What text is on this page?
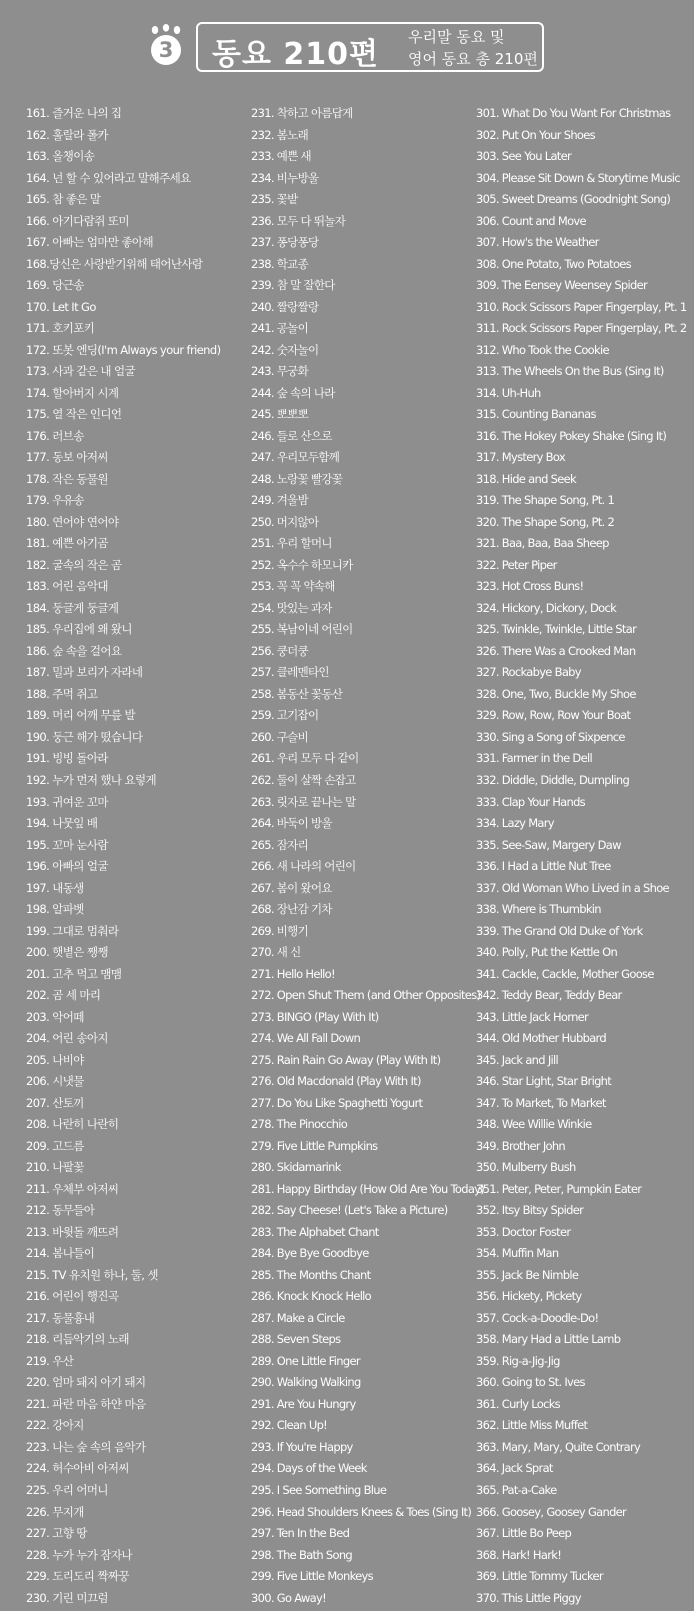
3 동요 210편 우리말 동요 및
영어 동요 총 210편
161. 즐거운 나의 집
162. 훌랄라 폴카
163. 올챙이송
164. 넌 할 수 있어라고 말해주세요
165. 참 좋은 말
166. 아기다람쥐 또미
167. 아빠는 엄마만 좋아해
168.당신은 사랑받기위해 태어난사람
169. 당근송
170. Let It Go
171. 호키포키
172. 또봇 엔딩(I'm Always your friend)
173. 사과 같은 내 얼굴
174. 할아버지 시계
175. 열 작은 인디언
176. 러브송
177. 동보 아저씨
178. 작은 동물원
179. 우유송
180. 연어야 연어야
181. 예쁜 아기곰
182. 굴속의 작은 곰
183. 어린 음악대
184. 둥글게 둥글게
185. 우리집에 왜 왔니
186. 숲 속을 걸어요
187. 밀과 보리가 자라네
188. 주먹 쥐고
189. 머리 어깨 무릎 발
190. 둥근 해가 떴습니다
191. 빙빙 돌아라
192. 누가 먼저 했나 요렇게
193. 귀여운 꼬마
194. 나뭇잎 배
195. 꼬마 눈사람
196. 아빠의 얼굴
197. 내동생
198. 알파벳
199. 그대로 멈춰라
200. 햇볕은 쨍쨍
201. 고추 먹고 맴맴
202. 곰 세 마리
203. 악어떼
204. 어린 송아지
205. 나비야
206. 시냇물
207. 산토끼
208. 나란히 나란히
209. 고드름
210. 나팔꽃
211. 우체부 아저씨
212. 동무들아
213. 바윗돌 깨뜨려
214. 봄나들이
215. TV 유치원 하나, 둘, 셋
216. 어린이 행진곡
217. 동물흉내
218. 리듬악기의 노래
219. 우산
220. 엄마 돼지 아기 돼지
221. 파란 마음 하얀 마음
222. 강아지
223. 나는 숲 속의 음악가
224. 허수아비 아저씨
225. 우리 어머니
226. 무지개
227. 고향 땅
228. 누가 누가 잠자나
229. 도리도리 짝짜꿍
230. 기린 미끄럼
231. 착하고 아름답게
232. 봄노래
233. 예쁜 새
234. 비누방울
235. 꽃밭
236. 모두 다 뛰놀자
237. 퐁당퐁당
238. 학교종
239. 참 말 잘한다
240. 짤랑짤랑
241. 공놀이
242. 숫자놀이
243. 무궁화
244. 숲 속의 나라
245. 뽀뽀뽀
246. 들로 산으로
247. 우리모두함께
248. 노랑꽃 빨강꽃
249. 겨울밤
250. 머지않아
251. 우리 할머니
252. 옥수수 하모니카
253. 꼭 꼭 약속해
254. 맛있는 과자
255. 복남이네 어린이
256. 쿵더쿵
257. 클레멘타인
258. 봄동산 꽃동산
259. 고기잡이
260. 구슬비
261. 우리 모두 다 같이
262. 둘이 살짝 손잡고
263. 릿자로 끝나는 말
264. 바둑이 방울
265. 잠자리
266. 새 나라의 어린이
267. 봄이 왔어요
268. 장난감 기차
269. 비행기
270. 새 신
271. Hello Hello!
272. Open Shut Them (and Other Opposites)
273. BINGO (Play With It)
274. We All Fall Down
275. Rain Rain Go Away (Play With It)
276. Old Macdonald (Play With It)
277. Do You Like Spaghetti Yogurt
278. The Pinocchio
279. Five Little Pumpkins
280. Skidamarink
281. Happy Birthday (How Old Are You Today)
282. Say Cheese! (Let's Take a Picture)
283. The Alphabet Chant
284. Bye Bye Goodbye
285. The Months Chant
286. Knock Knock Hello
287. Make a Circle
288. Seven Steps
289. One Little Finger
290. Walking Walking
291. Are You Hungry
292. Clean Up!
293. If You're Happy
294. Days of the Week
295. I See Something Blue
296. Head Shoulders Knees & Toes (Sing It)
297. Ten In the Bed
298. The Bath Song
299. Five Little Monkeys
300. Go Away!
301. What Do You Want For Christmas
302. Put On Your Shoes
303. See You Later
304. Please Sit Down & Storytime Music
305. Sweet Dreams (Goodnight Song)
306. Count and Move
307. How's the Weather
308. One Potato, Two Potatoes
309. The Eensey Weensey Spider
310. Rock Scissors Paper Fingerplay, Pt. 1
311. Rock Scissors Paper Fingerplay, Pt. 2
312. Who Took the Cookie
313. The Wheels On the Bus (Sing It)
314. Uh-Huh
315. Counting Bananas
316. The Hokey Pokey Shake (Sing It)
317. Mystery Box
318. Hide and Seek
319. The Shape Song, Pt. 1
320. The Shape Song, Pt. 2
321. Baa, Baa, Baa Sheep
322. Peter Piper
323. Hot Cross Buns!
324. Hickory, Dickory, Dock
325. Twinkle, Twinkle, Little Star
326. There Was a Crooked Man
327. Rockabye Baby
328. One, Two, Buckle My Shoe
329. Row, Row, Row Your Boat
330. Sing a Song of Sixpence
331. Farmer in the Dell
332. Diddle, Diddle, Dumpling
333. Clap Your Hands
334. Lazy Mary
335. See-Saw, Margery Daw
336. I Had a Little Nut Tree
337. Old Woman Who Lived in a Shoe
338. Where is Thumbkin
339. The Grand Old Duke of York
340. Polly, Put the Kettle On
341. Cackle, Cackle, Mother Goose
342. Teddy Bear, Teddy Bear
343. Little Jack Horner
344. Old Mother Hubbard
345. Jack and Jill
346. Star Light, Star Bright
347. To Market, To Market
348. Wee Willie Winkie
349. Brother John
350. Mulberry Bush
351. Peter, Peter, Pumpkin Eater
352. Itsy Bitsy Spider
353. Doctor Foster
354. Muffin Man
355. Jack Be Nimble
356. Hickety, Pickety
357. Cock-a-Doodle-Do!
358. Mary Had a Little Lamb
359. Rig-a-Jig-Jig
360. Going to St. Ives
361. Curly Locks
362. Little Miss Muffet
363. Mary, Mary, Quite Contrary
364. Jack Sprat
365. Pat-a-Cake
366. Goosey, Goosey Gander
367. Little Bo Peep
368. Hark! Hark!
369. Little Tommy Tucker
370. This Little Piggy
